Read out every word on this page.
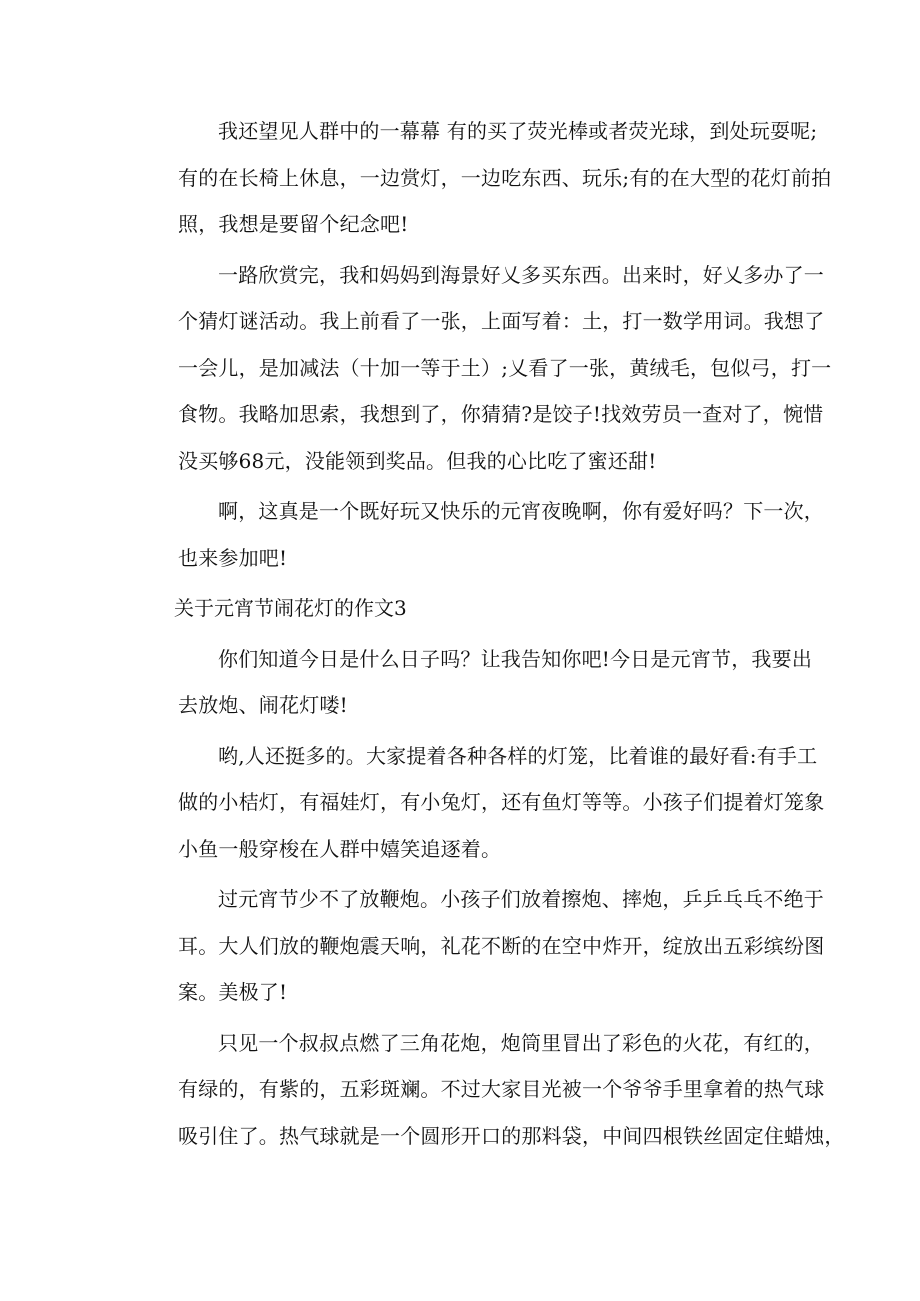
我还望见人群中的一幕幕 有的买了荧光棒或者荧光球，到处玩耍呢;
有的在长椅上休息，一边赏灯，一边吃东西、玩乐;有的在大型的花灯前拍
照，我想是要留个纪念吧!
一路欣赏完，我和妈妈到海景好乂多买东西。出来时，好乂多办了一
个猜灯谜活动。我上前看了一张，上面写着：土，打一数学用词。我想了
一会儿，是加减法（十加一等于土）;乂看了一张，黄绒毛，包似弓，打一
食物。我略加思索，我想到了，你猜猜?是饺子!找效劳员一查对了，惋惜
没买够68元，没能领到奖品。但我的心比吃了蜜还甜!
啊，这真是一个既好玩又快乐的元宵夜晚啊，你有爱好吗？下一次，
也来参加吧!
关于元宵节闹花灯的作文3
你们知道今日是什么日子吗？让我告知你吧!今日是元宵节，我要出
去放炮、闹花灯喽!
哟,人还挺多的。大家提着各种各样的灯笼，比着谁的最好看:有手工
做的小桔灯，有福娃灯，有小兔灯，还有鱼灯等等。小孩子们提着灯笼象
小鱼一般穿梭在人群中嬉笑追逐着。
过元宵节少不了放鞭炮。小孩子们放着擦炮、摔炮，乒乒乓乓不绝于
耳。大人们放的鞭炮震天响，礼花不断的在空中炸开，绽放出五彩缤纷图
案。美极了!
只见一个叔叔点燃了三角花炮，炮筒里冒出了彩色的火花，有红的，
有绿的，有紫的，五彩斑斓。不过大家目光被一个爷爷手里拿着的热气球
吸引住了。热气球就是一个圆形开口的那料袋，中间四根铁丝固定住蜡烛，
